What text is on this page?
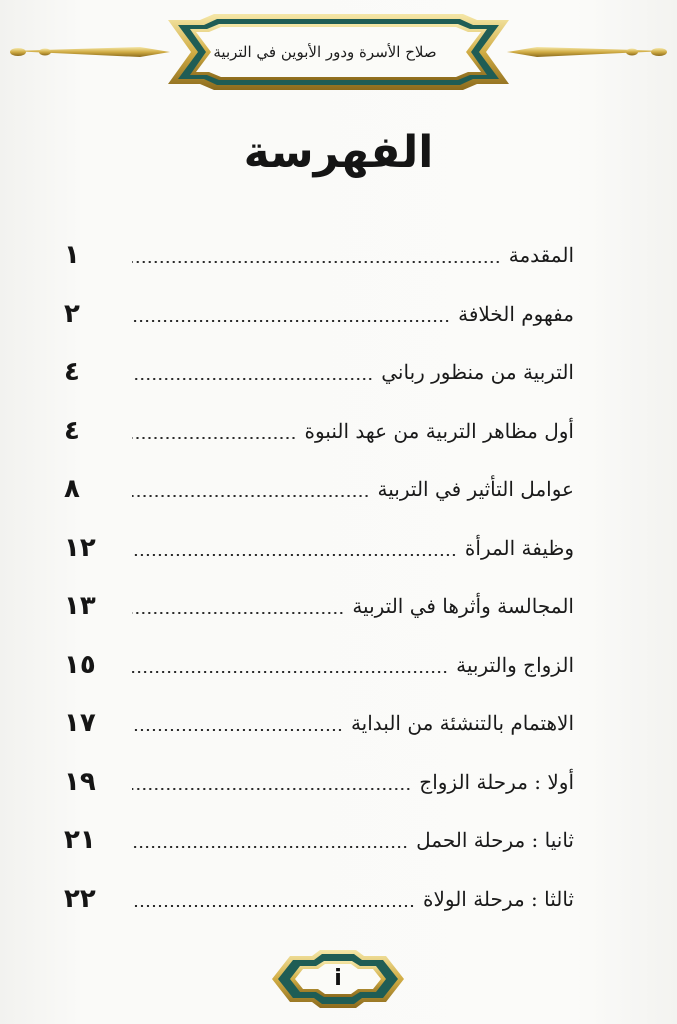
صلاح الأسرة ودور الأبوين في التربية
الفهرسة
المقدمة
١
مفهوم الخلافة
٢
التربية من منظور رباني
٤
أول مظاهر التربية من عهد النبوة
٤
عوامل التأثير في التربية
٨
وظيفة المرأة
١٢
المجالسة وأثرها في التربية
١٣
الزواج والتربية
١٥
الاهتمام بالتنشئة من البداية
١٧
أولا : مرحلة الزواج
١٩
ثانيا : مرحلة الحمل
٢١
ثالثا : مرحلة الولاة
٢٢
i
